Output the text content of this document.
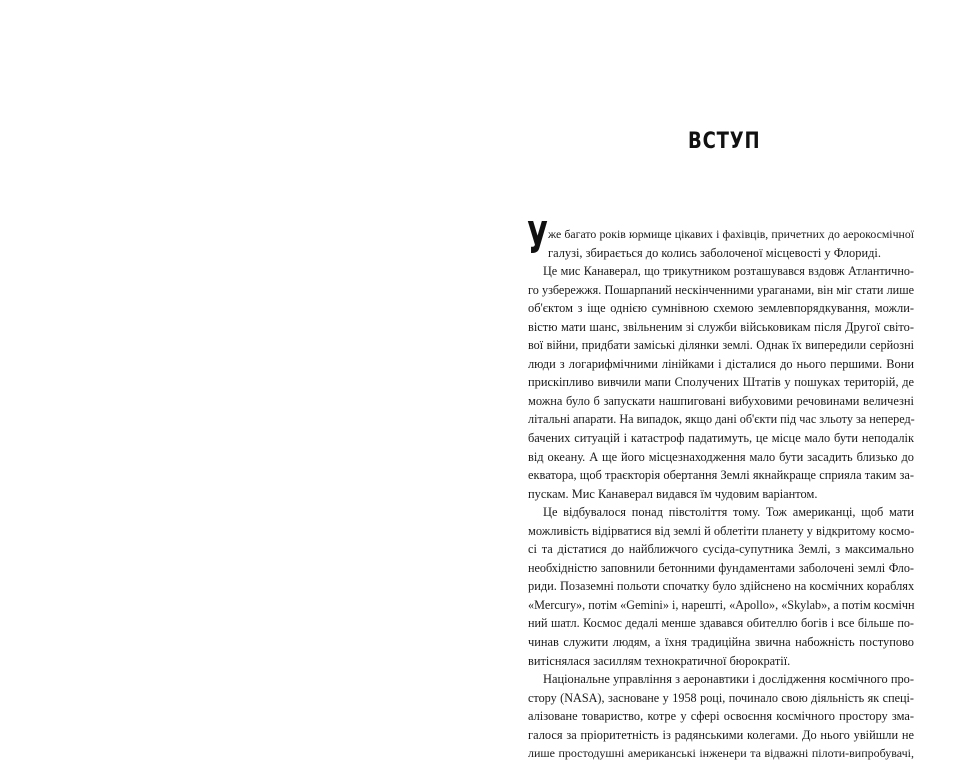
ВСТУП
У же багато років юрмище цікавих і фахівців, причетних до аерокосмічної
галузі, збирається до колись заболоченої місцевості у Флориді.
Це мис Канаверал, що трикутником розташувався вздовж Атлантично-
го узбережжя. Пошарпаний нескінченними ураганами, він міг стати лише
об'єктом з іще однією сумнівною схемою землевпорядкування, можли-
вістю мати шанс, звільненим зі служби військовикам після Другої світо-
вої війни, придбати заміські ділянки землі. Однак їх випередили серйозні
люди з логарифмічними лінійками і дісталися до нього першими. Вони
прискіпливо вивчили мапи Сполучених Штатів у пошуках територій, де
можна було б запускати нашпиговані вибуховими речовинами величезні
літальні апарати. На випадок, якщо дані об'єкти під час зльоту за неперед-
бачених ситуацій і катастроф падатимуть, це місце мало бути неподалік
від океану. А ще його місцезнаходження мало бути засадить близько до
екватора, щоб траєкторія обертання Землі якнайкраще сприяла таким за-
пускам. Мис Канаверал видався їм чудовим варіантом.
Це відбувалося понад півстоліття тому. Тож американці, щоб мати
можливість відірватися від землі й облетіти планету у відкритому космо-
сі та дістатися до найближчого сусіда-супутника Землі, з максимально
необхідністю заповнили бетонними фундаментами заболочені землі Фло-
риди. Позаземні польоти спочатку було здійснено на космічних кораблях
«Mercury», потім «Gemini» і, нарешті, «Apollo», «Skylab», а потім космічн
ний шатл. Космос дедалі менше здавався обителлю богів і все більше по-
чинав служити людям, а їхня традиційна звична набожність поступово
витіснялася засиллям технократичної бюрократії.
Національне управління з аеронавтики і дослідження космічного про-
стору (NASA), засноване у 1958 році, починало свою діяльність як спеці-
алізоване товариство, котре у сфері освоєння космічного простору зма-
галося за пріоритетність із радянськими колегами. До нього увійшли не
лише простодушні американські інженери та відважні пілоти-випробувачі,
